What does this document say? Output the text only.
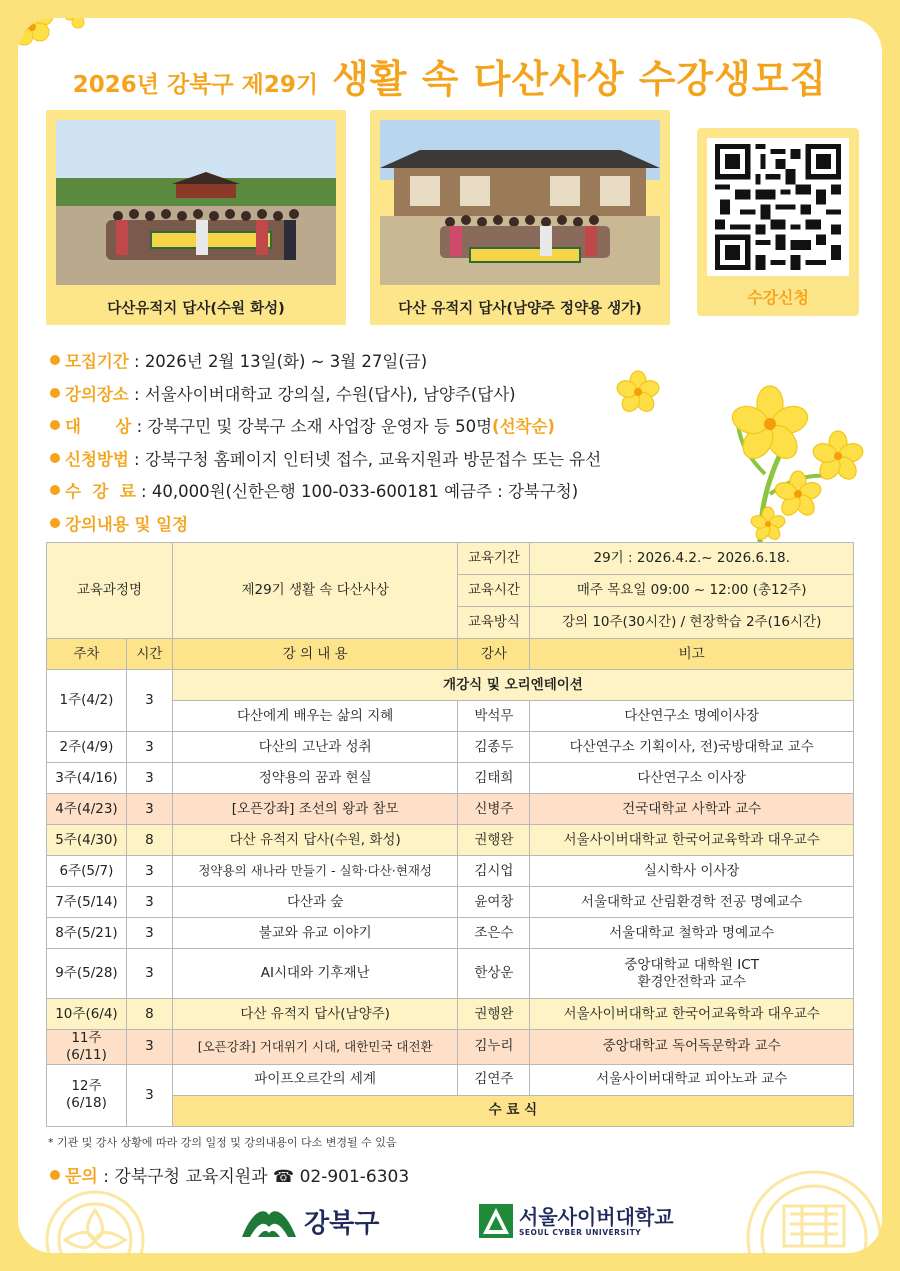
2026년 강북구 제29기 생활 속 다산사상 수강생모집
다산유적지 답사(수원 화성)	다산 유적지 답사(남양주 정약용 생가)
수강신청
모집기간 : 2026년 2월 13일(화) ~ 3월 27일(금)
강의장소 : 서울사이버대학교 강의실, 수원(답사), 남양주(답사)
대      상 : 강북구민 및 강북구 소재 사업장 운영자 등 50명 (선착순)
신청방법 : 강북구청 홈페이지 인터넷 접수, 교육지원과 방문접수 또는 유선
수  강  료 : 40,000원(신한은행 100-033-600181 예금주 : 강북구청)
강의내용 및 일정
교육과정명		제29기 생활 속 다산사상	교육기간	29기 : 2026.4.2.~ 2026.6.18.
			교육시간	매주 목요일 09:00 ~ 12:00 (총12주)
			교육방식	강의 10주(30시간) / 현장학습 2주(16시간)
주차	시간	강 의 내 용	강사	비고
1주(4/2)	3	개강식 및 오리엔테이션		
		다산에게 배우는 삶의 지혜	박석무	다산연구소 명예이사장
2주(4/9)	3	다산의 고난과 성취	김종두	다산연구소 기획이사, 전)국방대학교 교수
3주(4/16)	3	정약용의 꿈과 현실	김태희	다산연구소 이사장
4주(4/23)	3	[오픈강좌] 조선의 왕과 참모	신병주	건국대학교 사학과 교수
5주(4/30)	8	다산 유적지 답사(수원, 화성)	권행완	서울사이버대학교 한국어교육학과 대우교수
6주(5/7)	3	정약용의 새나라 만들기 - 실학·다산·현재성	김시업	실시학사 이사장
7주(5/14)	3	다산과 숲	윤여창	서울대학교 산림환경학 전공 명예교수
8주(5/21)	3	불교와 유교 이야기	조은수	서울대학교 철학과 명예교수
9주(5/28)	3	AI시대와 기후재난	한상운	중앙대학교 대학원 ICT
환경안전학과 교수

10주(6/4)	8	다산 유적지 답사(남양주)	권행완	서울사이버대학교 한국어교육학과 대우교수
11주(6/11)	3	[오픈강좌] 거대위기 시대, 대한민국 대전환	김누리	중앙대학교 독어독문학과 교수
12주(6/18)	3	파이프오르간의 세계	김연주	서울사이버대학교 피아노과 교수
		수 료 식		
* 기관 및 강사 상황에 따라 강의 일정 및 강의내용이 다소 변경될 수 있음
문의 : 강북구청 교육지원과 ☎ 02-901-6303
강북구	서울사이버대학교
SEOUL CYBER UNIVERSITY
